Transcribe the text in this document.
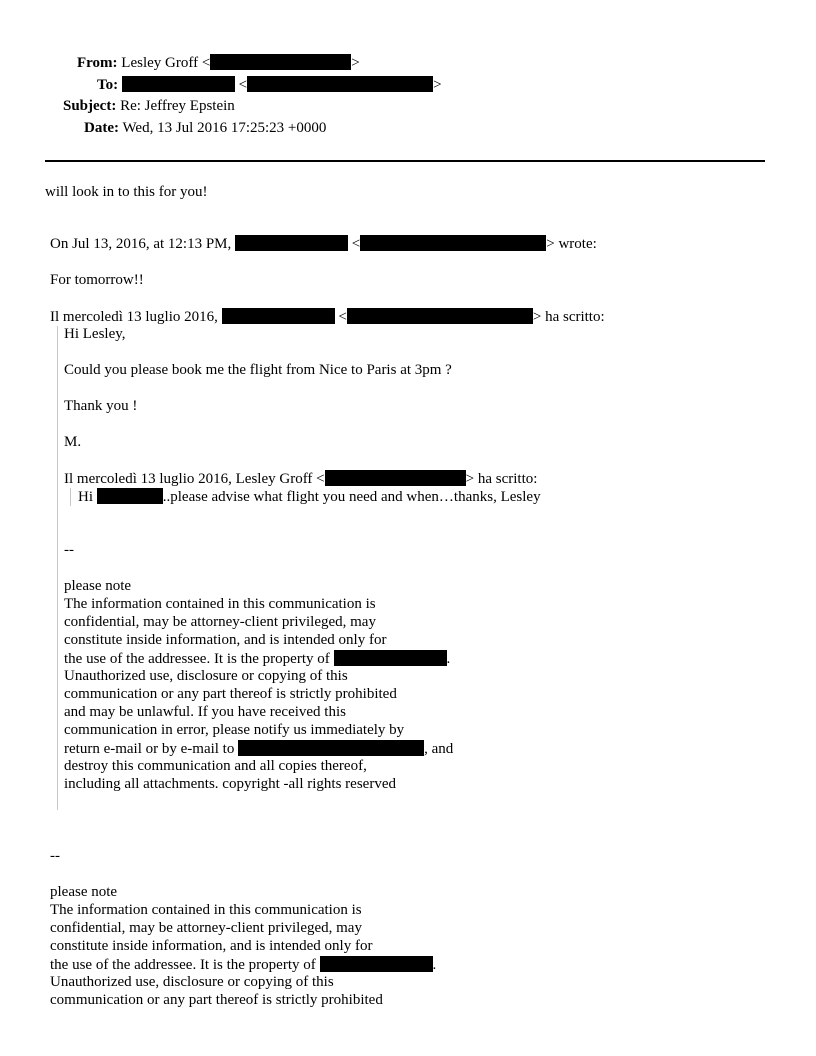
From: Lesley Groff <	>
To:	<	>
Subject: Re: Jeffrey Epstein
Date: Wed, 13 Jul 2016 17:25:23 +0000
will look in to this for you!
On Jul 13, 2016, at 12:13 PM,	<	> wrote:
For tomorrow!!
Il mercoledì 13 luglio 2016,	<	> ha scritto:
Hi Lesley,
Could you please book me the flight from Nice to Paris at 3pm ?
Thank you !
M.
Il mercoledì 13 luglio 2016, Lesley Groff <	> ha scritto:
Hi	..please advise what flight you need and when…thanks, Lesley
--
please note
The information contained in this communication is
confidential, may be attorney-client privileged, may
constitute inside information, and is intended only for
the use of the addressee. It is the property of	.
Unauthorized use, disclosure or copying of this
communication or any part thereof is strictly prohibited
and may be unlawful. If you have received this
communication in error, please notify us immediately by
return e-mail or by e-mail to	, and
destroy this communication and all copies thereof,
including all attachments. copyright -all rights reserved
--
please note
The information contained in this communication is
confidential, may be attorney-client privileged, may
constitute inside information, and is intended only for
the use of the addressee. It is the property of	.
Unauthorized use, disclosure or copying of this
communication or any part thereof is strictly prohibited
